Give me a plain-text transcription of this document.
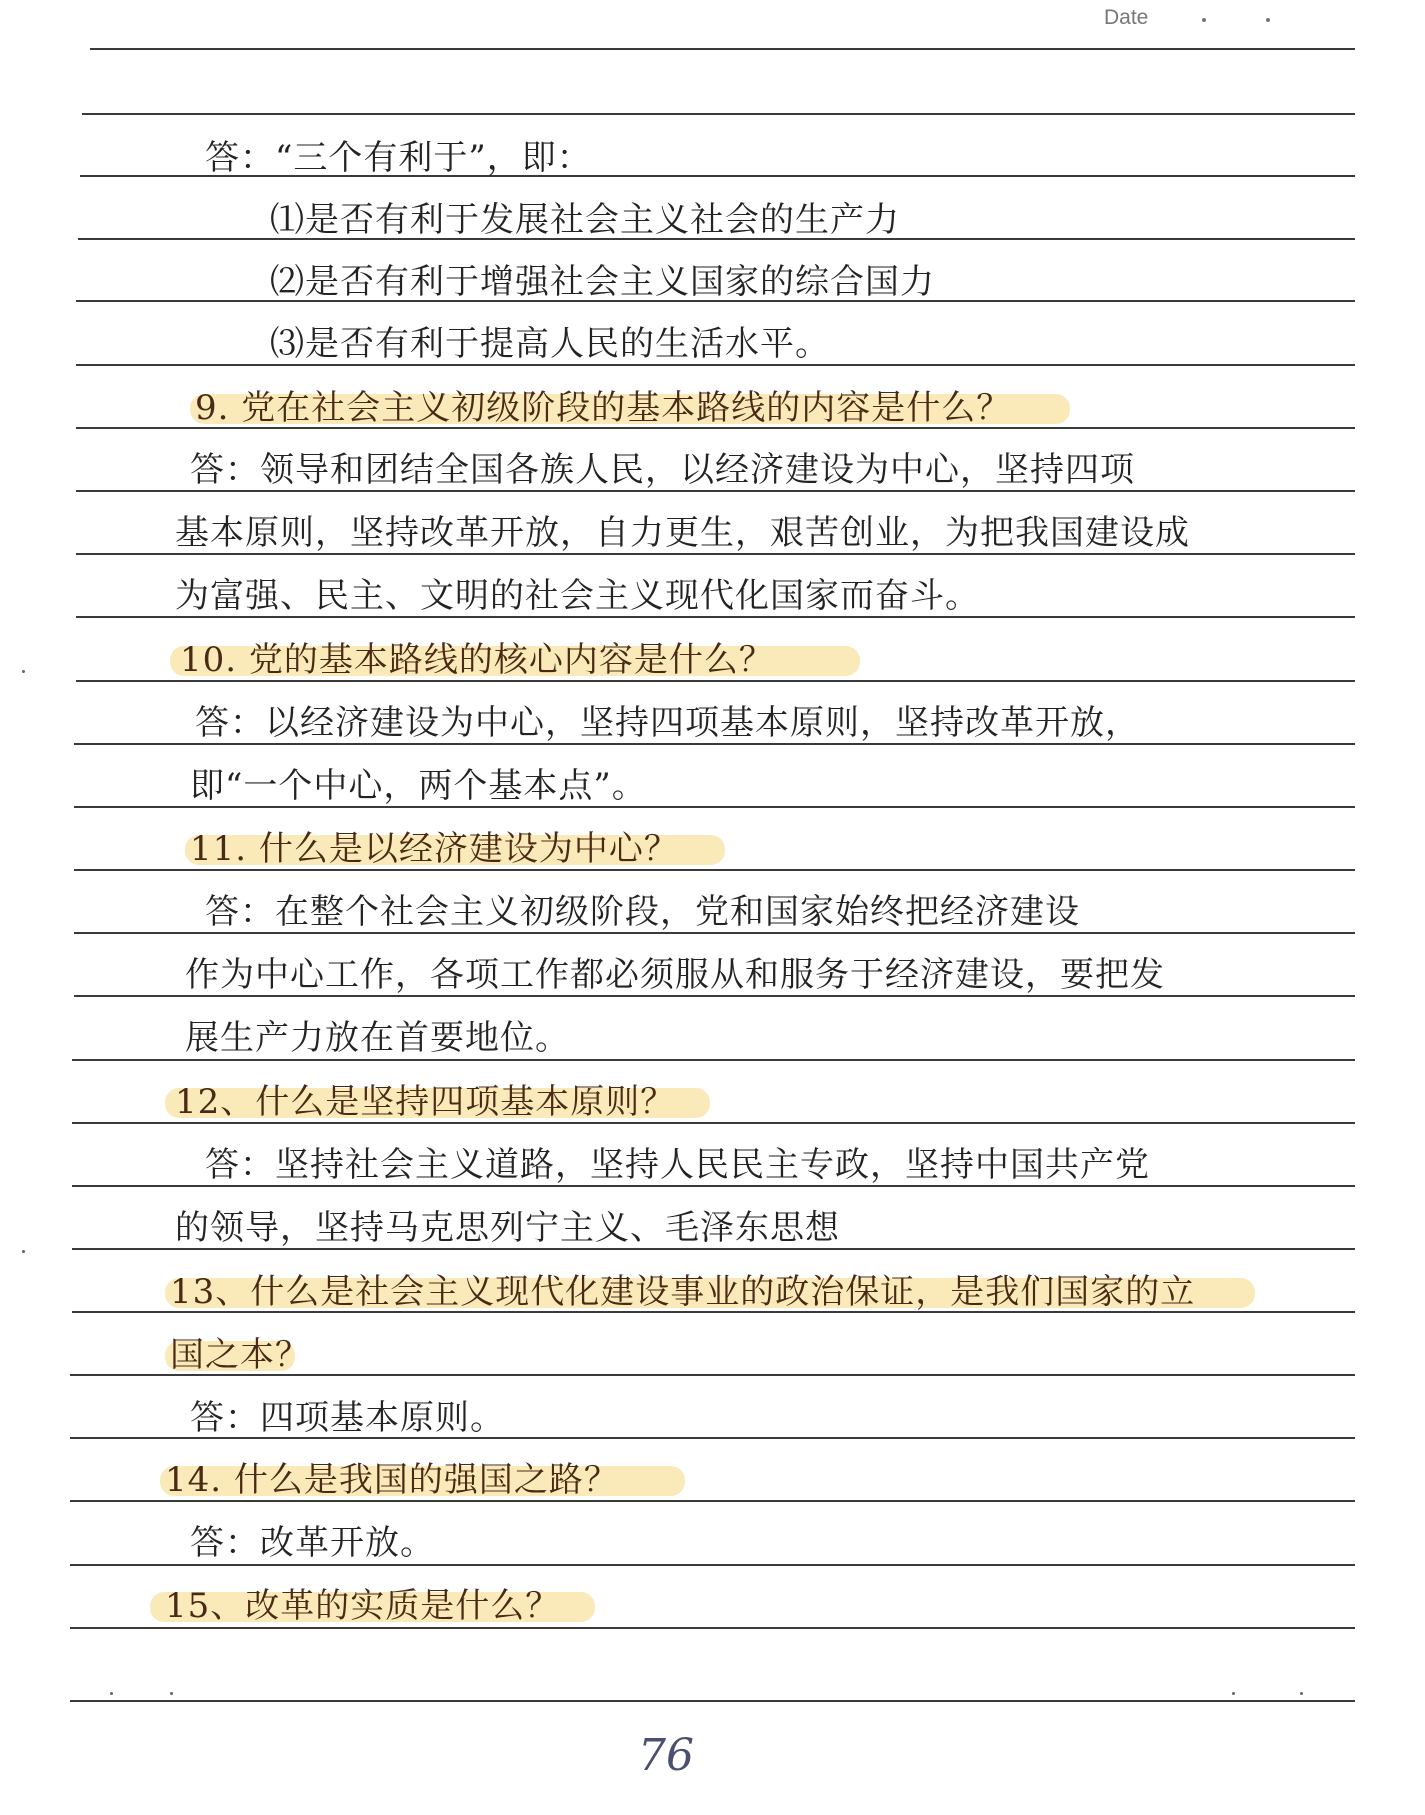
Date
答：“三个有利于”，即：
⑴是否有利于发展社会主义社会的生产力
⑵是否有利于增强社会主义国家的综合国力
⑶是否有利于提高人民的生活水平。
9. 党在社会主义初级阶段的基本路线的内容是什么？
答：领导和团结全国各族人民，以经济建设为中心，坚持四项
基本原则，坚持改革开放，自力更生，艰苦创业，为把我国建设成
为富强、民主、文明的社会主义现代化国家而奋斗。
10. 党的基本路线的核心内容是什么？
答：以经济建设为中心，坚持四项基本原则，坚持改革开放，
即“一个中心，两个基本点”。
11. 什么是以经济建设为中心？
答：在整个社会主义初级阶段，党和国家始终把经济建设
作为中心工作，各项工作都必须服从和服务于经济建设，要把发
展生产力放在首要地位。
12、什么是坚持四项基本原则？
答：坚持社会主义道路，坚持人民民主专政，坚持中国共产党
的领导，坚持马克思列宁主义、毛泽东思想
13、什么是社会主义现代化建设事业的政治保证，是我们国家的立
国之本？
答：四项基本原则。
14. 什么是我国的强国之路？
答：改革开放。
15、改革的实质是什么？
76
